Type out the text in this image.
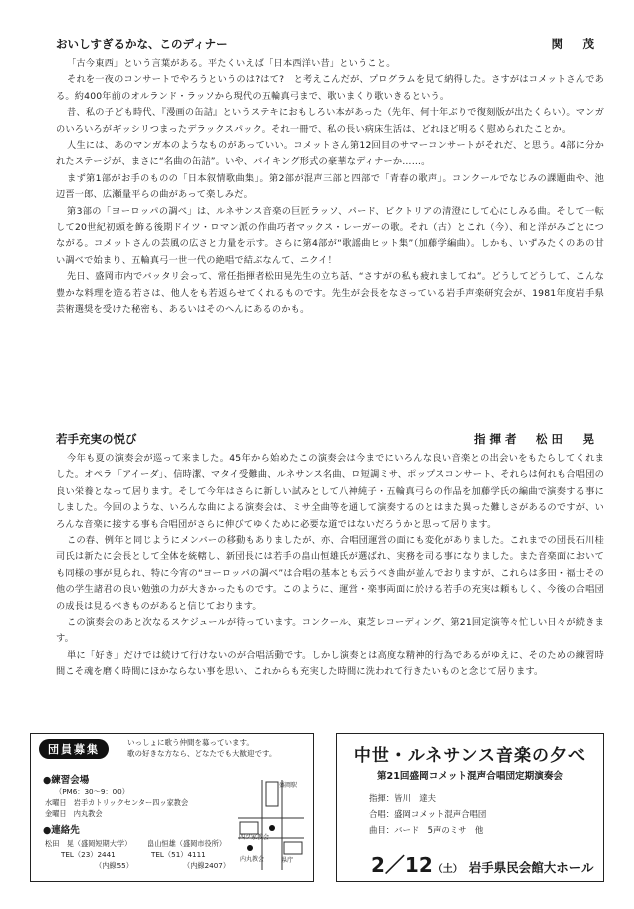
おいしすぎるかな、このディナー	関　茂

「古今東西」という言葉がある。平たくいえば「日本西洋い昔」ということ。

それを一夜のコンサートでやろうというのは?はて?　と考えこんだが、プログラムを見て納得した。さすがはコメットさんである。約400年前のオルランド・ラッソから現代の五輪真弓まで、歌いまくり歌いきるという。

昔、私の子ども時代、『漫画の缶詰』というステキにおもしろい本があった（先年、何十年ぶりで復刻版が出たくらい）。マンガのいろいろがギッシリつまったデラックスパック。それ一冊で、私の長い病床生活は、どれほど明るく慰められたことか。

人生には、あのマンガ本のようなものがあっていい。コメットさん第12回目のサマーコンサートがそれだ、と思う。4部に分かれたステージが、まさに“名曲の缶詰”。いや、バイキング形式の豪華なディナーか……。

まず第1部がお手のものの「日本叙情歌曲集」。第2部が混声三部と四部で「青春の歌声」。コンクールでなじみの課題曲や、池辺晋一郎、広瀬量平らの曲があって楽しみだ。

第3部の「ヨーロッパの調べ」は、ルネサンス音楽の巨匠ラッソ、パード、ビクトリアの清澄にして心にしみる曲。そして一転して20世紀初頭を飾る後期ドイツ・ロマン派の作曲巧者マックス・レーガーの歌。それ（古）とこれ（今）、和と洋がみごとにつながる。コメットさんの芸風の広さと力量を示す。さらに第4部が“歌謡曲ヒット集”（加藤学編曲）。しかも、いずみたくのあの甘い調べで始まり、五輪真弓一世一代の絶唱で結ぶなんて、ニクイ！

先日、盛岡市内でバッタリ会って、常任指揮者松田晃先生の立ち話、“さすがの私も疲れましてね”。どうしてどうして、こんな豊かな料理を造る若さは、他人をも若返らせてくれるものです。先生が会長をなさっている岩手声楽研究会が、1981年度岩手県芸術選奨を受けた秘密も、あるいはそのへんにあるのかも。

若手充実の悦び	指揮者　松田　晃

今年も夏の演奏会が巡って来ました。45年から始めたこの演奏会は今までにいろんな良い音楽との出会いをもたらしてくれました。オペラ「アイーダ」、信時潔、マタイ受難曲、ルネサンス名曲、ロ短調ミサ、ポップスコンサート、それらは何れも合唱団の良い栄養となって居ります。そして今年はさらに新しい試みとして八神純子・五輪真弓らの作品を加藤学氏の編曲で演奏する事にしました。今回のような、いろんな曲による演奏会は、ミサ全曲等を通して演奏するのとはまた異った難しさがあるのですが、いろんな音楽に接する事も合唱団がさらに伸びてゆくために必要な道ではないだろうかと思って居ります。

この春、例年と同じようにメンバーの移動もありましたが、亦、合唱団運営の面にも変化がありました。これまでの団長石川桂司氏は新たに会長として全体を統轄し、新団長には若手の畠山恒雄氏が選ばれ、実務を司る事になりました。また音楽面においても同様の事が見られ、特に今宵の“ヨーロッパの調べ”は合唱の基本とも云うべき曲が並んでおりますが、これらは多田・福士その他の学生諸君の良い勉強の力が大きかったものです。このように、運営・楽事両面に於ける若手の充実は頼もしく、今後の合唱団の成長は見るべきものがあると信じております。

この演奏会のあと次なるスケジュールが待っています。コンクール、東芝レコーディング、第21回定演等々忙しい日々が続きます。

単に「好き」だけでは続けて行けないのが合唱活動です。しかし演奏とは高度な精神的行為であるがゆえに、そのための練習時間こそ魂を磨く時間にほかならない事を思い、これからも充実した時間に洗われて行きたいものと念じて居ります。

団員募集
いっしょに歌う仲間を募っています。
歌の好きな方なら、どなたでも大歓迎です。
●練習会場
（PM6：30〜9：00）
水曜日　岩手カトリックセンター四ッ家教会
金曜日　内丸教会
●連絡先
松田　晃（盛岡短期大学）
TEL（23）2441
（内線55）
畠山恒雄（盛岡市役所）
TEL（51）4111
（内線2407）
盛岡駅
四ツ家教会
内丸教会	県庁
中世・ルネサンス音楽の夕べ
第21回盛岡コメット混声合唱団定期演奏会
指揮：皆川　達夫
合唱：盛岡コメット混声合唱団
曲目：バード　5声のミサ　他
2／12（土） 岩手県民会館大ホール
